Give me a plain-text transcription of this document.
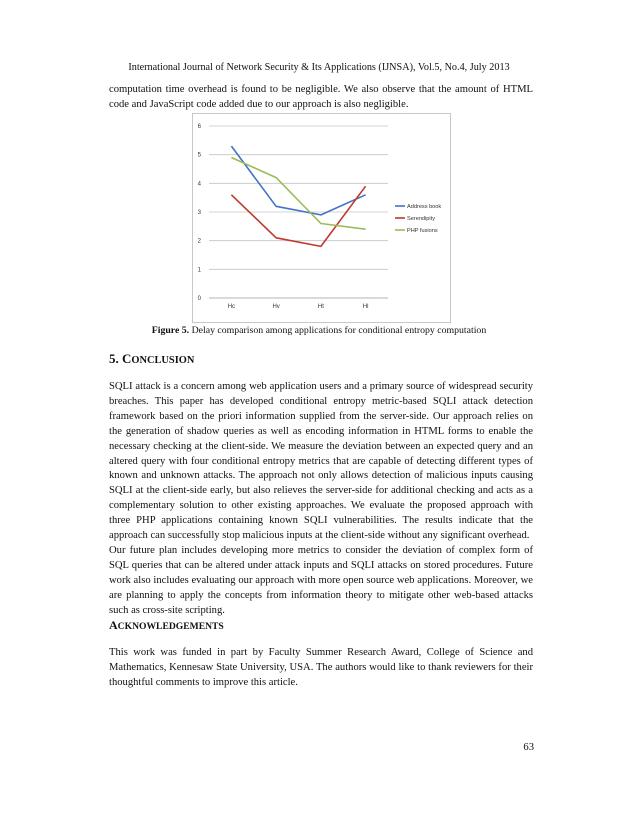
International Journal of Network Security & Its Applications (IJNSA), Vol.5, No.4, July 2013

computation time overhead is found to be negligible. We also observe that the amount of HTML code and JavaScript code added due to our approach is also negligible.

0
1
2
3
4
5
6
Hc	Hv	Ht	Hl
Address book
Serendipity
PHP fusions
Figure 5. Delay comparison among applications for conditional entropy computation
5. CONCLUSION

SQLI attack is a concern among web application users and a primary source of widespread security breaches. This paper has developed conditional entropy metric-based SQLI attack detection framework based on the priori information supplied from the server-side. Our approach relies on the generation of shadow queries as well as encoding information in HTML forms to enable the necessary checking at the client-side. We measure the deviation between an expected query and an altered query with four conditional entropy metrics that are capable of detecting different types of known and unknown attacks. The approach not only allows detection of malicious inputs causing SQLI at the client-side early, but also relieves the server-side for additional checking and acts as a complementary solution to other existing approaches. We evaluate the proposed approach with three PHP applications containing known SQLI vulnerabilities. The results indicate that the approach can successfully stop malicious inputs at the client-side without any significant overhead.

Our future plan includes developing more metrics to consider the deviation of complex form of SQL queries that can be altered under attack inputs and SQLI attacks on stored procedures. Future work also includes evaluating our approach with more open source web applications. Moreover, we are planning to apply the concepts from information theory to mitigate other web-based attacks such as cross-site scripting.

ACKNOWLEDGEMENTS

This work was funded in part by Faculty Summer Research Award, College of Science and Mathematics, Kennesaw State University, USA. The authors would like to thank reviewers for their thoughtful comments to improve this article.

63
